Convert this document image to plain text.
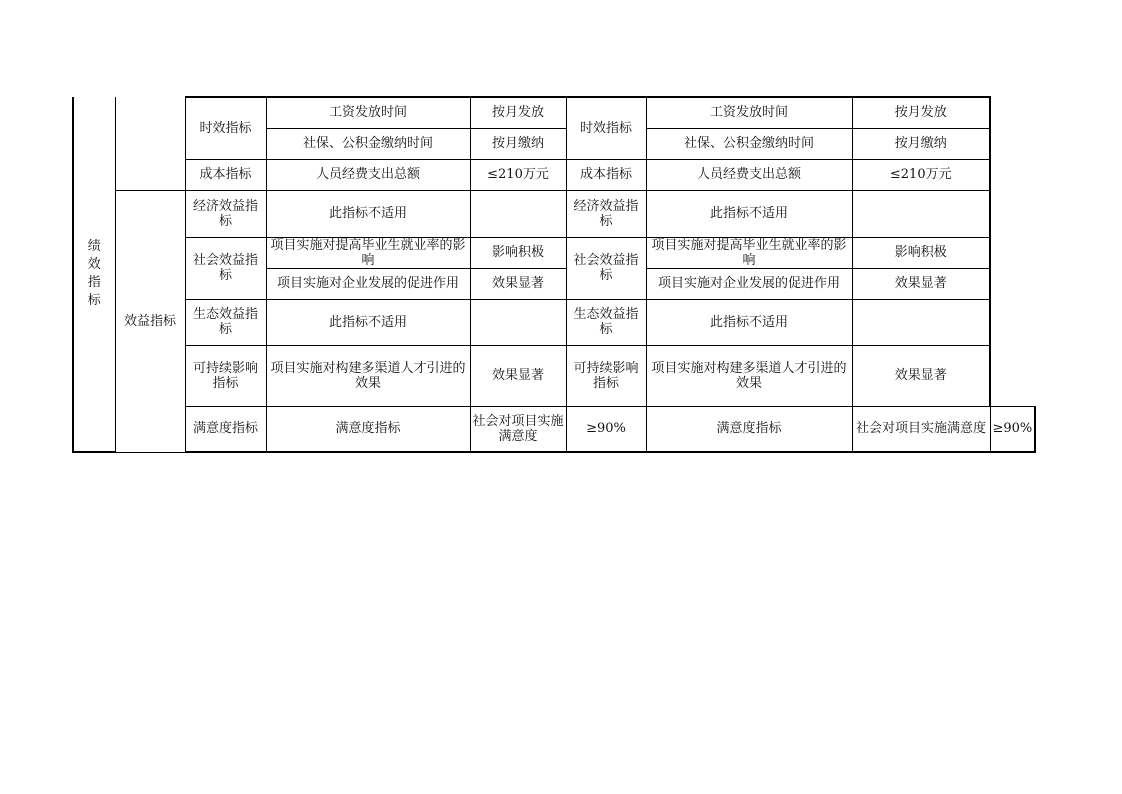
绩效指标		时效指标	工资发放时间	按月发放	时效指标	工资发放时间	按月发放	
			社保、公积金缴纳时间	按月缴纳		社保、公积金缴纳时间	按月缴纳	
		成本指标	人员经费支出总额	≤210万元	成本指标	人员经费支出总额	≤210万元	
	效益指标	经济效益指标	此指标不适用		经济效益指标	此指标不适用		
		社会效益指标	项目实施对提高毕业生就业率的影响	影响积极	社会效益指标	项目实施对提高毕业生就业率的影响	影响积极	
			项目实施对企业发展的促进作用	效果显著		项目实施对企业发展的促进作用	效果显著	
		生态效益指标	此指标不适用		生态效益指标	此指标不适用		
		可持续影响指标	项目实施对构建多渠道人才引进的效果	效果显著	可持续影响指标	项目实施对构建多渠道人才引进的效果	效果显著	
		满意度指标	满意度指标	社会对项目实施满意度	≥90%	满意度指标	社会对项目实施满意度	≥90%
